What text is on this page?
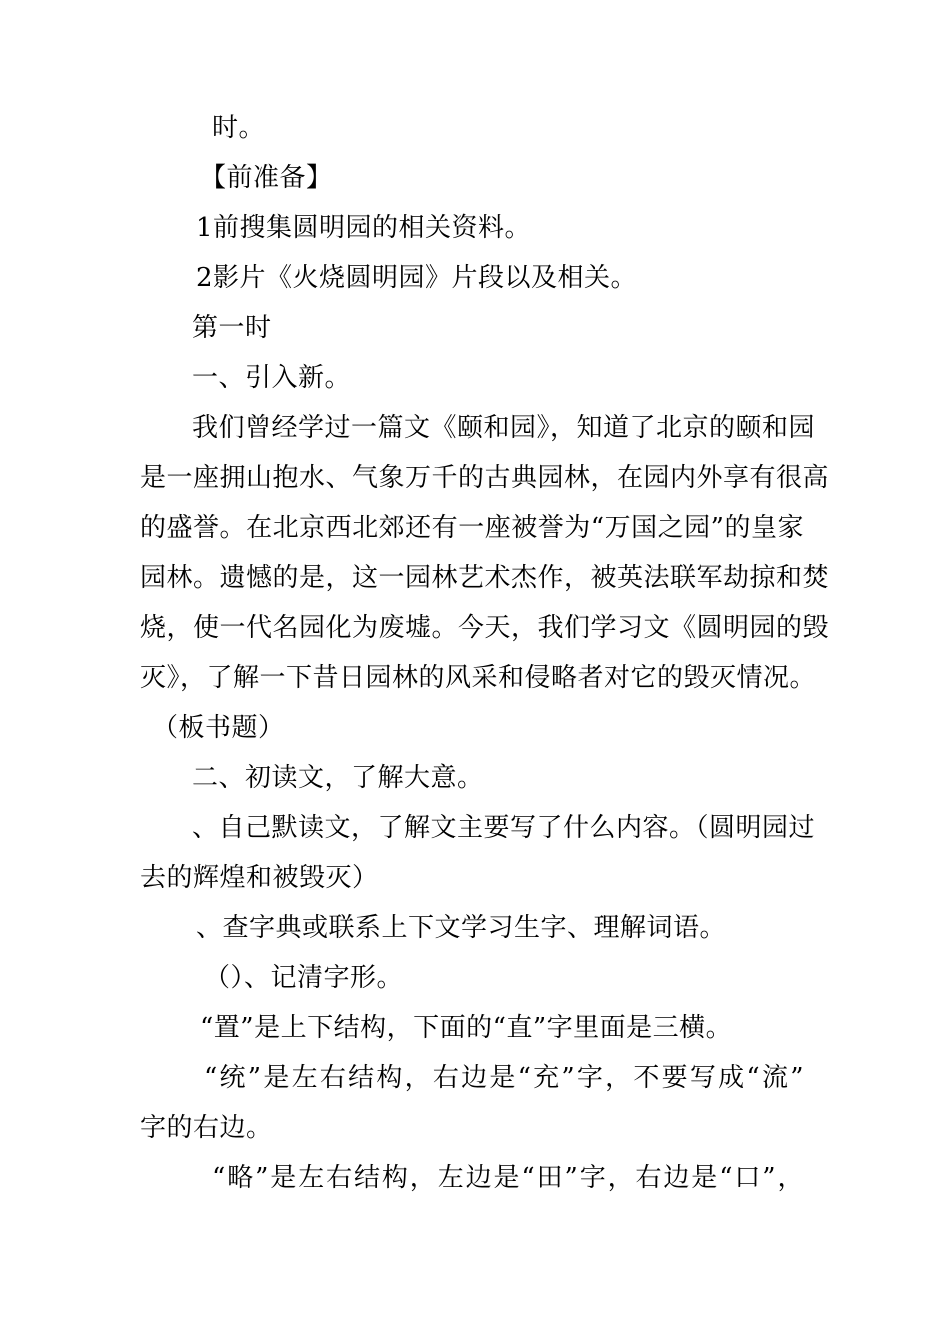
时。
【前准备】
1前搜集圆明园的相关资料。
2影片《火烧圆明园》片段以及相关。
第一时
一、引入新。
我们曾经学过一篇文《颐和园》，知道了北京的颐和园
是一座拥山抱水、气象万千的古典园林，在园内外享有很高
的盛誉。在北京西北郊还有一座被誉为“万国之园”的皇家
园林。遗憾的是，这一园林艺术杰作，被英法联军劫掠和焚
烧，使一代名园化为废墟。今天，我们学习文《圆明园的毁
灭》，了解一下昔日园林的风采和侵略者对它的毁灭情况。
（板书题）
二、初读文，了解大意。
、自己默读文，了解文主要写了什么内容。（圆明园过
去的辉煌和被毁灭）
、查字典或联系上下文学习生字、理解词语。
（）、记清字形。
“置”是上下结构，下面的“直”字里面是三横。
“统”是左右结构，右边是“充”字，不要写成“流”
字的右边。
“略”是左右结构，左边是“田”字，右边是“口”，
